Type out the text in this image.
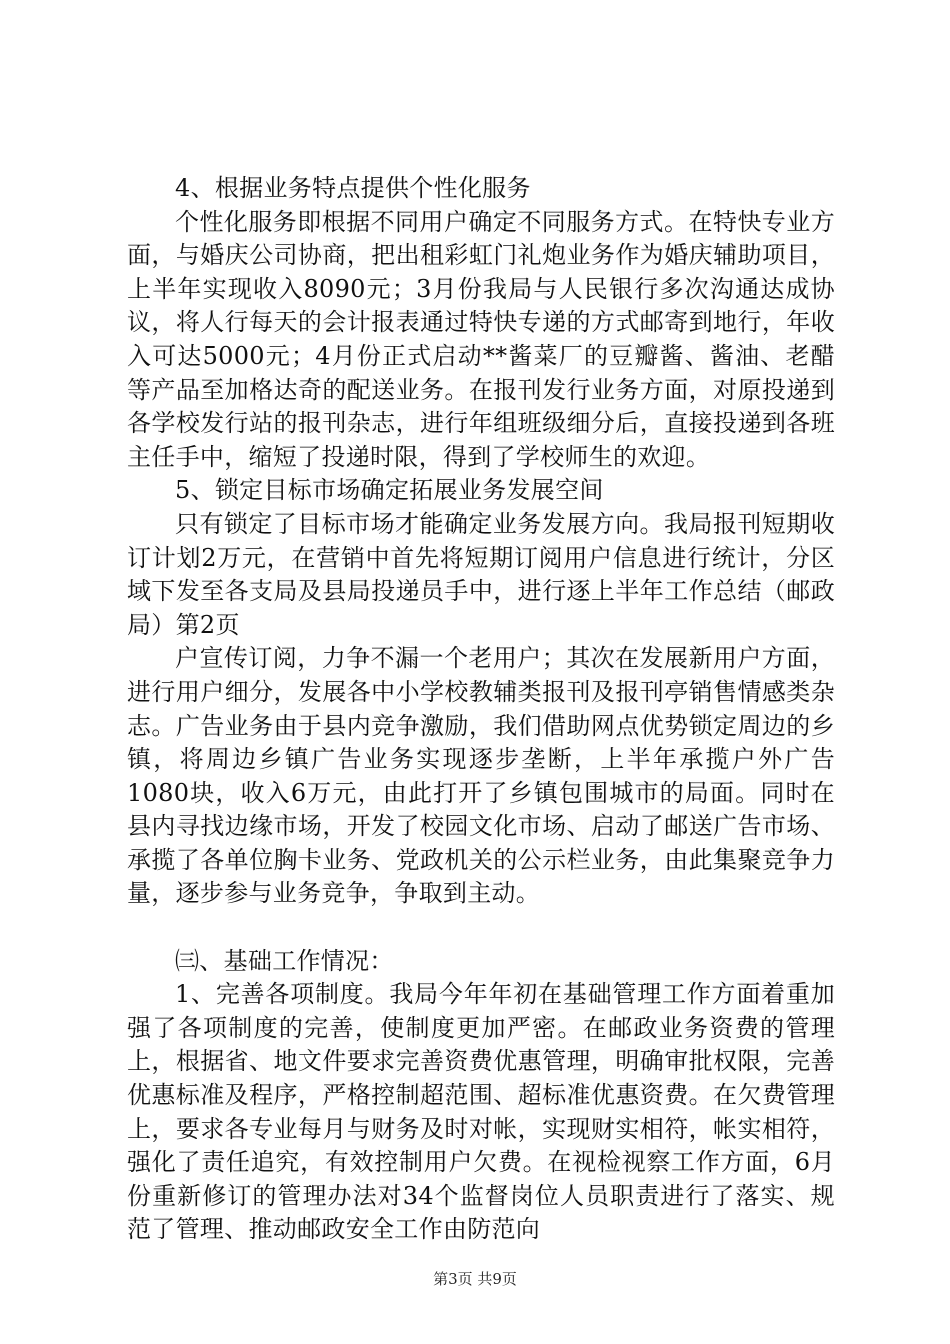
4、根据业务特点提供个性化服务

个性化服务即根据不同用户确定不同服务方式。在特快专业方面，与婚庆公司协商，把出租彩虹门礼炮业务作为婚庆辅助项目，上半年实现收入8090元；3月份我局与人民银行多次沟通达成协议，将人行每天的会计报表通过特快专递的方式邮寄到地行，年收入可达5000元；4月份正式启动**酱菜厂的豆瓣酱、酱油、老醋等产品至加格达奇的配送业务。在报刊发行业务方面，对原投递到各学校发行站的报刊杂志，进行年组班级细分后，直接投递到各班主任手中，缩短了投递时限，得到了学校师生的欢迎。

5、锁定目标市场确定拓展业务发展空间

只有锁定了目标市场才能确定业务发展方向。我局报刊短期收订计划2万元，在营销中首先将短期订阅用户信息进行统计，分区域下发至各支局及县局投递员手中，进行逐上半年工作总结（邮政局）第2页

户宣传订阅，力争不漏一个老用户；其次在发展新用户方面，进行用户细分，发展各中小学校教辅类报刊及报刊亭销售情感类杂志。广告业务由于县内竞争激励，我们借助网点优势锁定周边的乡镇，将周边乡镇广告业务实现逐步垄断，上半年承揽户外广告1080块，收入6万元，由此打开了乡镇包围城市的局面。同时在县内寻找边缘市场，开发了校园文化市场、启动了邮送广告市场、承揽了各单位胸卡业务、党政机关的公示栏业务，由此集聚竞争力量，逐步参与业务竞争，争取到主动。

㈢、基础工作情况：

1、完善各项制度。我局今年年初在基础管理工作方面着重加强了各项制度的完善，使制度更加严密。在邮政业务资费的管理上，根据省、地文件要求完善资费优惠管理，明确审批权限，完善优惠标准及程序，严格控制超范围、超标准优惠资费。在欠费管理上，要求各专业每月与财务及时对帐，实现财实相符，帐实相符，强化了责任追究，有效控制用户欠费。在视检视察工作方面，6月份重新修订的管理办法对34个监督岗位人员职责进行了落实、规范了管理、推动邮政安全工作由防范向

第3页 共9页
